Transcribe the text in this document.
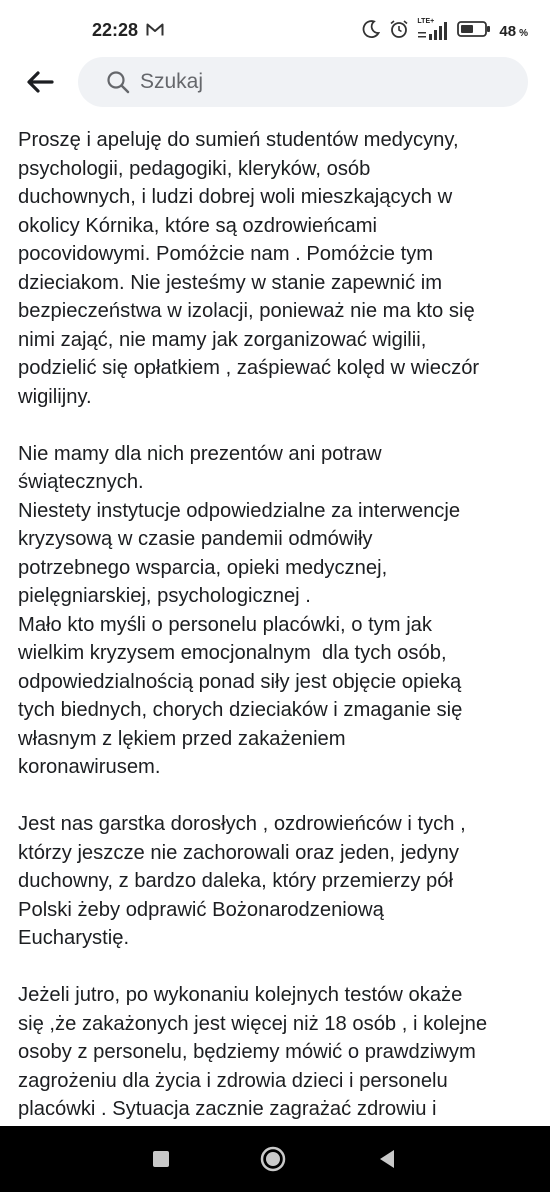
22:28	LTE+
48 %
Szukaj
Proszę i apeluję do sumień studentów medycyny,
psychologii, pedagogiki, kleryków, osób
duchownych, i ludzi dobrej woli mieszkających w
okolicy Kórnika, które są ozdrowieńcami
pocovidowymi. Pomóżcie nam . Pomóżcie tym
dzieciakom. Nie jesteśmy w stanie zapewnić im
bezpieczeństwa w izolacji, ponieważ nie ma kto się
nimi zająć, nie mamy jak zorganizować wigilii,
podzielić się opłatkiem , zaśpiewać kolęd w wieczór
wigilijny.
Nie mamy dla nich prezentów ani potraw
świątecznych.
Niestety instytucje odpowiedzialne za interwencje
kryzysową w czasie pandemii odmówiły
potrzebnego wsparcia, opieki medycznej,
pielęgniarskiej, psychologicznej .
Mało kto myśli o personelu placówki, o tym jak
wielkim kryzysem emocjonalnym  dla tych osób,
odpowiedzialnością ponad siły jest objęcie opieką
tych biednych, chorych dzieciaków i zmaganie się
własnym z lękiem przed zakażeniem
koronawirusem.
Jest nas garstka dorosłych , ozdrowieńców i tych ,
którzy jeszcze nie zachorowali oraz jeden, jedyny
duchowny, z bardzo daleka, który przemierzy pół
Polski żeby odprawić Bożonarodzeniową
Eucharystię.
Jeżeli jutro, po wykonaniu kolejnych testów okaże
się ,że zakażonych jest więcej niż 18 osób , i kolejne
osoby z personelu, będziemy mówić o prawdziwym
zagrożeniu dla życia i zdrowia dzieci i personelu
placówki . Sytuacja zacznie zagrażać zdrowiu i
